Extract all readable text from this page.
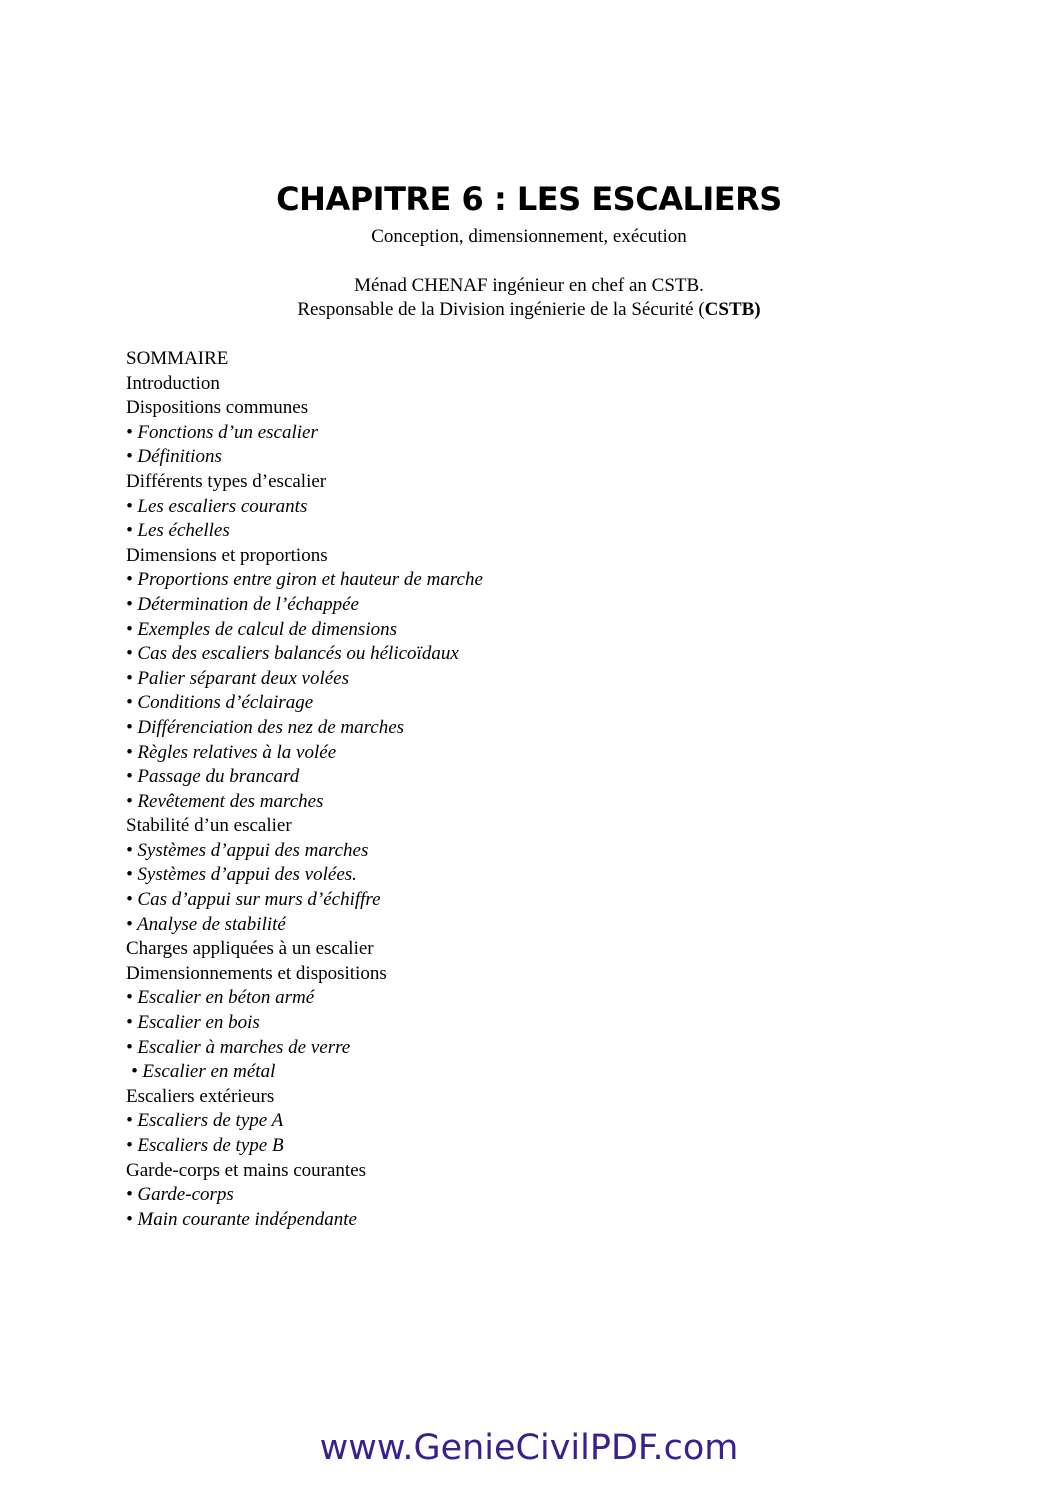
CHAPITRE 6 : LES ESCALIERS
Conception, dimensionnement, exécution
Ménad CHENAF ingénieur en chef an CSTB.
Responsable de la Division ingénierie de la Sécurité (CSTB)
SOMMAIRE
Introduction
Dispositions communes
• Fonctions d’un escalier
• Définitions
Différents types d’escalier
• Les escaliers courants
• Les échelles
Dimensions et proportions
• Proportions entre giron et hauteur de marche
• Détermination de l’échappée
• Exemples de calcul de dimensions
• Cas des escaliers balancés ou hélicoïdaux
• Palier séparant deux volées
• Conditions d’éclairage
• Différenciation des nez de marches
• Règles relatives à la volée
• Passage du brancard
• Revêtement des marches
Stabilité d’un escalier
• Systèmes d’appui des marches
• Systèmes d’appui des volées.
• Cas d’appui sur murs d’échiffre
• Analyse de stabilité
Charges appliquées à un escalier
Dimensionnements et dispositions
• Escalier en béton armé
• Escalier en bois
• Escalier à marches de verre
• Escalier en métal
Escaliers extérieurs
• Escaliers de type A
• Escaliers de type B
Garde-corps et mains courantes
• Garde-corps
• Main courante indépendante
www.GenieCivilPDF.com
